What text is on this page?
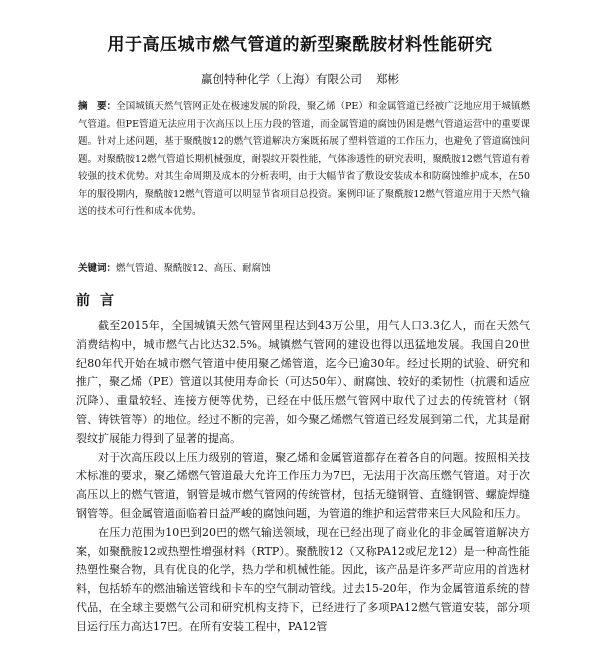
用于高压城市燃气管道的新型聚酰胺材料性能研究
赢创特种化学（上海）有限公司 郑彬
摘　要：全国城镇天然气管网正处在极速发展的阶段，聚乙烯（PE）和金属管道已经被广泛地应用于城镇燃气管道。但PE管道无法应用于次高压以上压力段的管道，而金属管道的腐蚀仍困是燃气管道运营中的重要课题。针对上述问题，基于聚酰胺12的燃气管道解决方案既拓展了塑料管道的工作压力，也避免了管道腐蚀问题。对聚酰胺12燃气管道长期机械强度，耐裂纹开裂性能，气体渗透性的研究表明，聚酰胺12燃气管道有着较强的技术优势。对其生命周期及成本的分析表明，由于大幅节省了敷设安装成本和防腐蚀维护成本，在50年的服役期内，聚酰胺12燃气管道可以明显节省项目总投资。案例印证了聚酰胺12燃气管道应用于天然气输送的技术可行性和成本优势。
关键词：燃气管道、聚酰胺12、高压、耐腐蚀
前言

截至2015年，全国城镇天然气管网里程达到43万公里，用气人口3.3亿人，而在天然气消费结构中，城市燃气占比达32.5%。城镇燃气管网的建设也得以迅猛地发展。我国自20世纪80年代开始在城市燃气管道中使用聚乙烯管道，迄今已逾30年。经过长期的试验、研究和推广，聚乙烯（PE）管道以其使用寿命长（可达50年）、耐腐蚀、较好的柔韧性（抗震和适应沉降）、重量较轻、连接方便等优势，已经在中低压燃气管网中取代了过去的传统管材（钢管、铸铁管等）的地位。经过不断的完善，如今聚乙烯燃气管道已经发展到第二代，尤其是耐裂纹扩展能力得到了显著的提高。

对于次高压段以上压力级别的管道，聚乙烯和金属管道都存在着各自的问题。按照相关技术标准的要求，聚乙烯燃气管道最大允许工作压力为7巴，无法用于次高压燃气管道。对于次高压以上的燃气管道，钢管是城市燃气管网的传统管材，包括无缝钢管、直缝钢管、螺旋焊缝钢管等。但金属管道面临着日益严峻的腐蚀问题，为管道的维护和运营带来巨大风险和压力。

在压力范围为10巴到20巴的燃气输送领域，现在已经出现了商业化的非金属管道解决方案，如聚酰胺12或热塑性增强材料（RTP）。聚酰胺12（又称PA12或尼龙12）是一种高性能热塑性聚合物，具有优良的化学，热力学和机械性能。因此，该产品是许多严苛应用的首选材料，包括轿车的燃油输送管线和卡车的空气制动管线。过去15-20年，作为金属管道系统的替代品，在全球主要燃气公司和研究机构支持下，已经进行了多项PA12燃气管道安装，部分项目运行压力高达17巴。在所有安装工程中，PA12管
